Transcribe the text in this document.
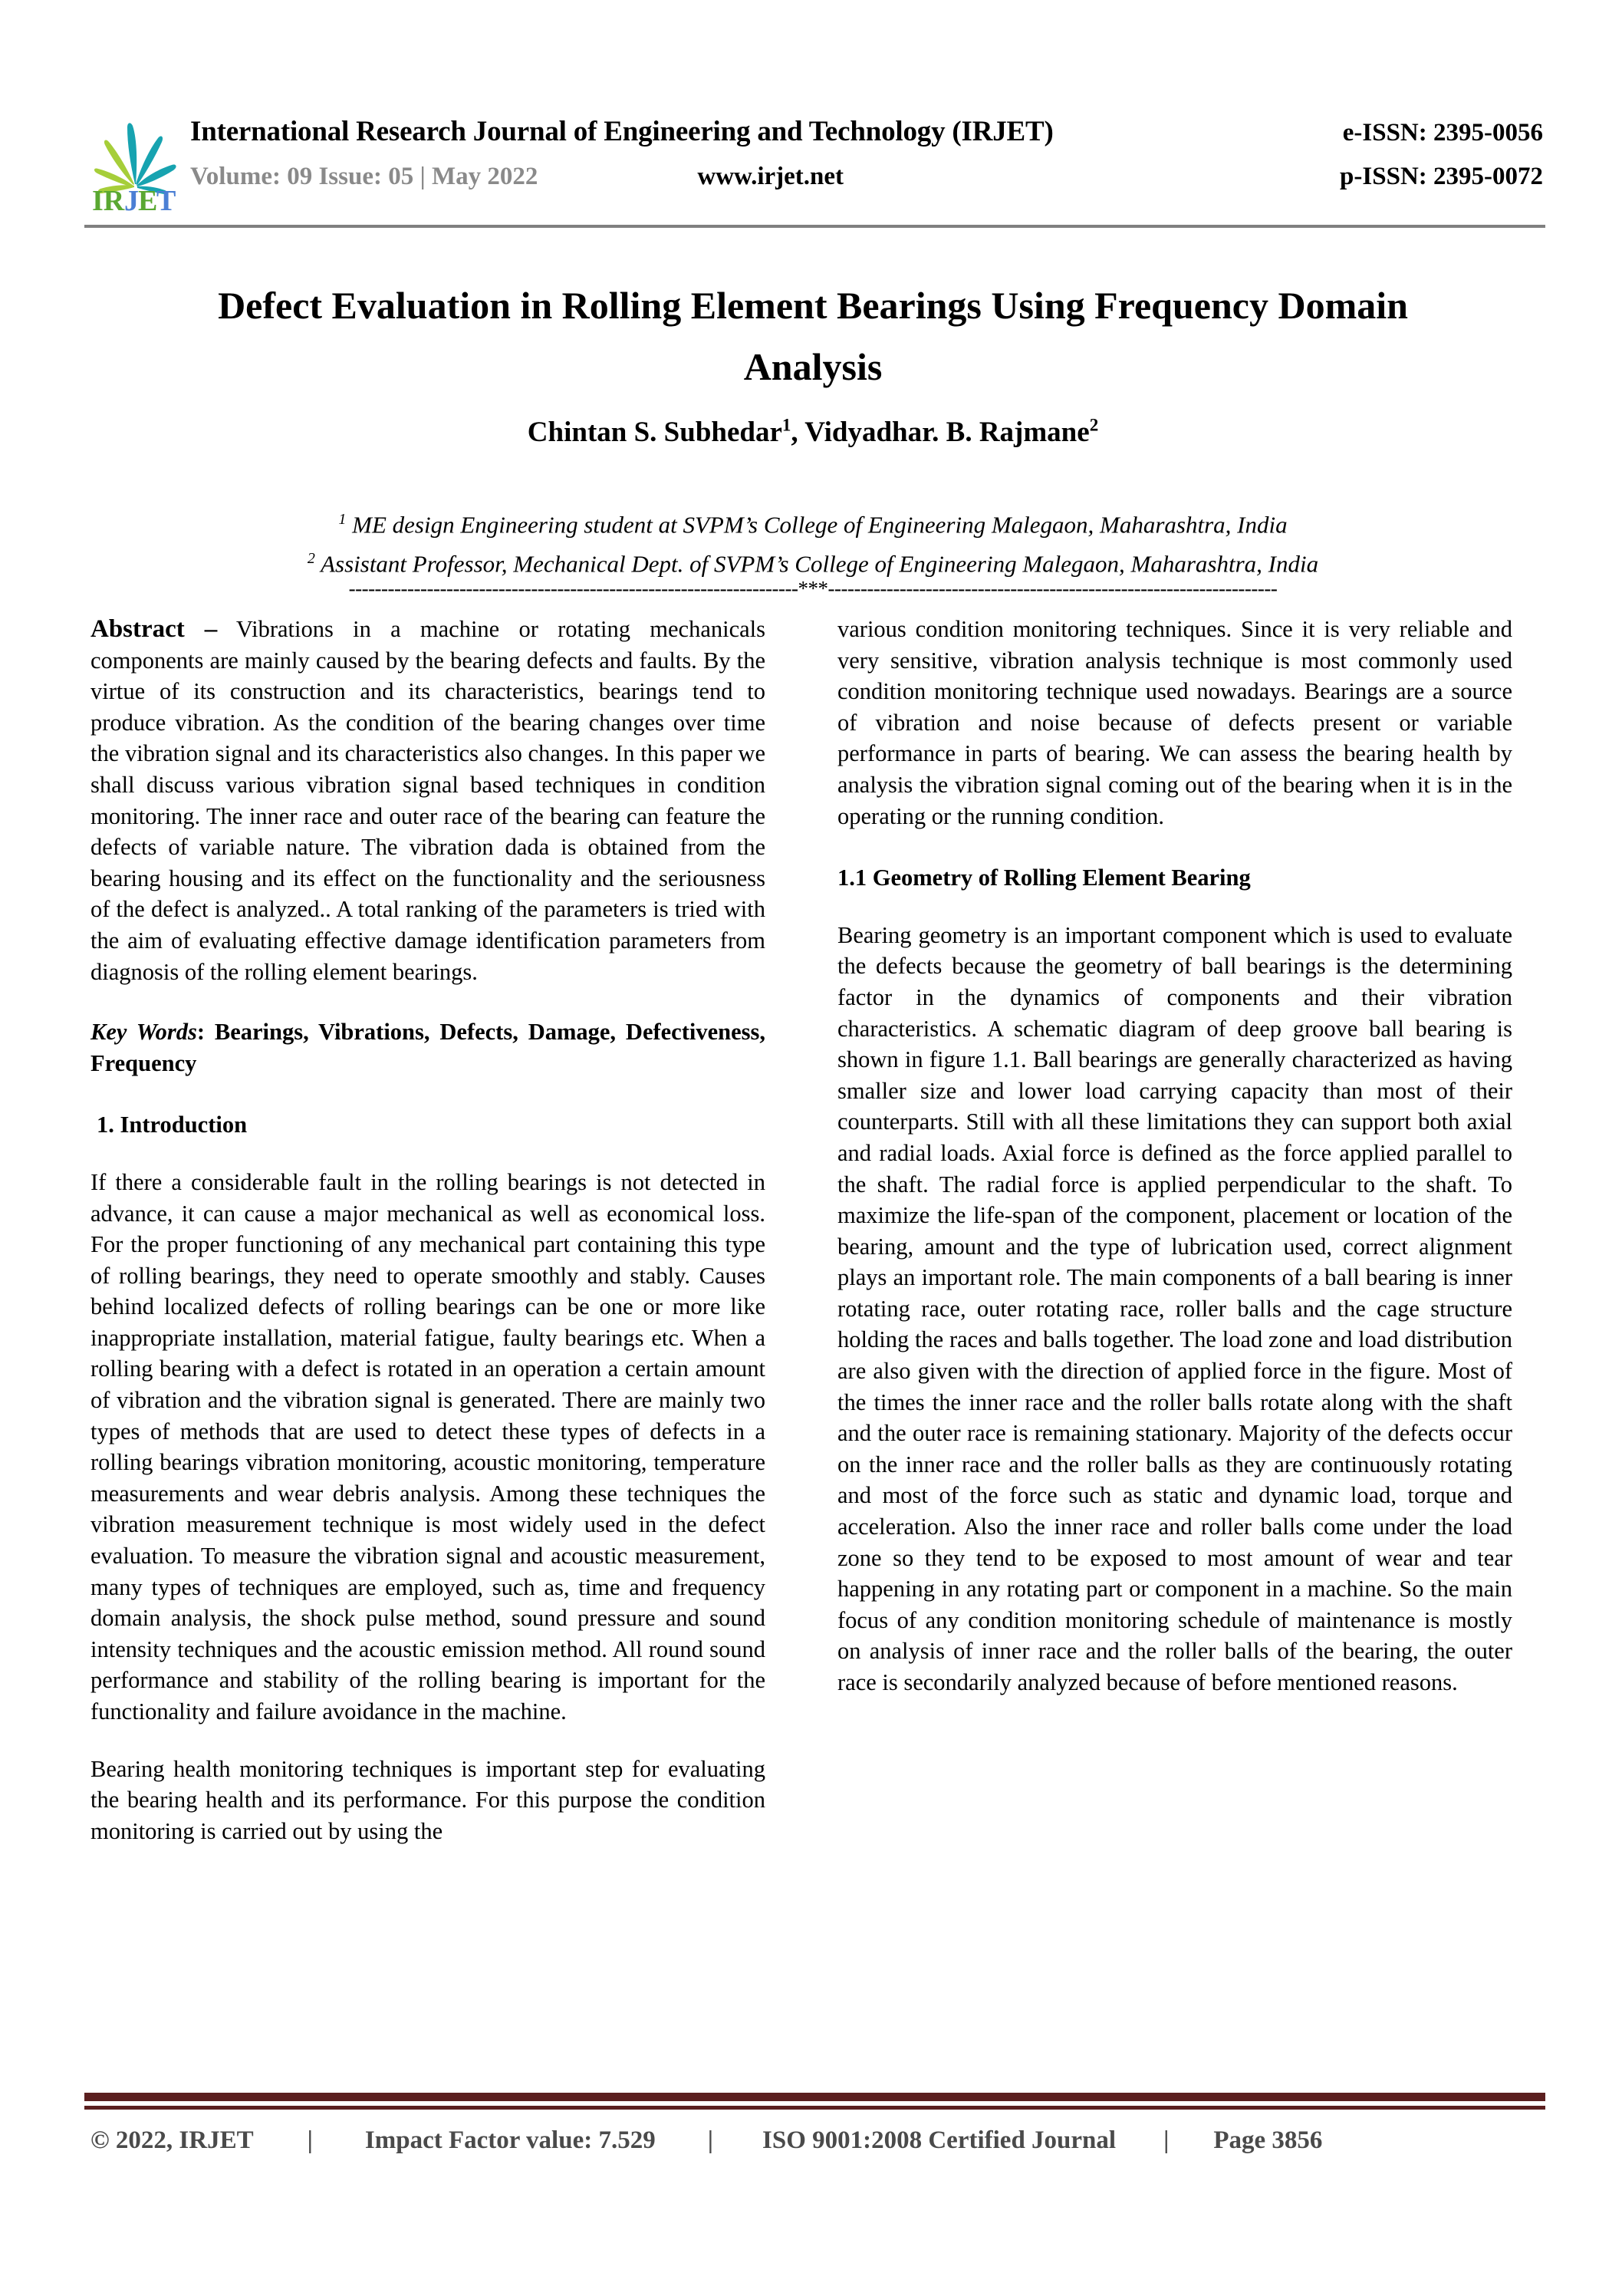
IR J E
T
International Research Journal of Engineering and Technology (IRJET)	e-ISSN: 2395-0056
Volume: 09 Issue: 05 | May 2022	www.irjet.net	p-ISSN: 2395-0072
Defect Evaluation in Rolling Element Bearings Using Frequency Domain Analysis
Chintan S. Subhedar$^1$, Vidyadhar. B. Rajmane$^2$
$^1$ ME design Engineering student at SVPM’s College of Engineering Malegaon, Maharashtra, India
$^2$ Assistant Professor, Mechanical Dept. of SVPM’s College of Engineering Malegaon, Maharashtra, India
---------------------------------------------------------------------***---------------------------------------------------------------------

Abstract – Vibrations in a machine or rotating mechanicals components are mainly caused by the bearing defects and faults. By the virtue of its construction and its characteristics, bearings tend to produce vibration. As the condition of the bearing changes over time the vibration signal and its characteristics also changes. In this paper we shall discuss various vibration signal based techniques in condition monitoring. The inner race and outer race of the bearing can feature the defects of variable nature. The vibration dada is obtained from the bearing housing and its effect on the functionality and the seriousness of the defect is analyzed.. A total ranking of the parameters is tried with the aim of evaluating effective damage identification parameters from diagnosis of the rolling element bearings.

Key Words: Bearings, Vibrations, Defects, Damage, Defectiveness, Frequency

1. Introduction

If there a considerable fault in the rolling bearings is not detected in advance, it can cause a major mechanical as well as economical loss. For the proper functioning of any mechanical part containing this type of rolling bearings, they need to operate smoothly and stably. Causes behind localized defects of rolling bearings can be one or more like inappropriate installation, material fatigue, faulty bearings etc. When a rolling bearing with a defect is rotated in an operation a certain amount of vibration and the vibration signal is generated. There are mainly two types of methods that are used to detect these types of defects in a rolling bearings vibration monitoring, acoustic monitoring, temperature measurements and wear debris analysis. Among these techniques the vibration measurement technique is most widely used in the defect evaluation. To measure the vibration signal and acoustic measurement, many types of techniques are employed, such as, time and frequency domain analysis, the shock pulse method, sound pressure and sound intensity techniques and the acoustic emission method. All round sound performance and stability of the rolling bearing is important for the functionality and failure avoidance in the machine.

Bearing health monitoring techniques is important step for evaluating the bearing health and its performance. For this purpose the condition monitoring is carried out by using the

various condition monitoring techniques. Since it is very reliable and very sensitive, vibration analysis technique is most commonly used condition monitoring technique used nowadays. Bearings are a source of vibration and noise because of defects present or variable performance in parts of bearing. We can assess the bearing health by analysis the vibration signal coming out of the bearing when it is in the operating or the running condition.

1.1 Geometry of Rolling Element Bearing

Bearing geometry is an important component which is used to evaluate the defects because the geometry of ball bearings is the determining factor in the dynamics of components and their vibration characteristics. A schematic diagram of deep groove ball bearing is shown in figure 1.1. Ball bearings are generally characterized as having smaller size and lower load carrying capacity than most of their counterparts. Still with all these limitations they can support both axial and radial loads. Axial force is defined as the force applied parallel to the shaft. The radial force is applied perpendicular to the shaft. To maximize the life-span of the component, placement or location of the bearing, amount and the type of lubrication used, correct alignment plays an important role. The main components of a ball bearing is inner rotating race, outer rotating race, roller balls and the cage structure holding the races and balls together. The load zone and load distribution are also given with the direction of applied force in the figure. Most of the times the inner race and the roller balls rotate along with the shaft and the outer race is remaining stationary. Majority of the defects occur on the inner race and the roller balls as they are continuously rotating and most of the force such as static and dynamic load, torque and acceleration. Also the inner race and roller balls come under the load zone so they tend to be exposed to most amount of wear and tear happening in any rotating part or component in a machine. So the main focus of any condition monitoring schedule of maintenance is mostly on analysis of inner race and the roller balls of the bearing, the outer race is secondarily analyzed because of before mentioned reasons.

© 2022, IRJET | Impact Factor value: 7.529 | ISO 9001:2008 Certified Journal | Page 3856
